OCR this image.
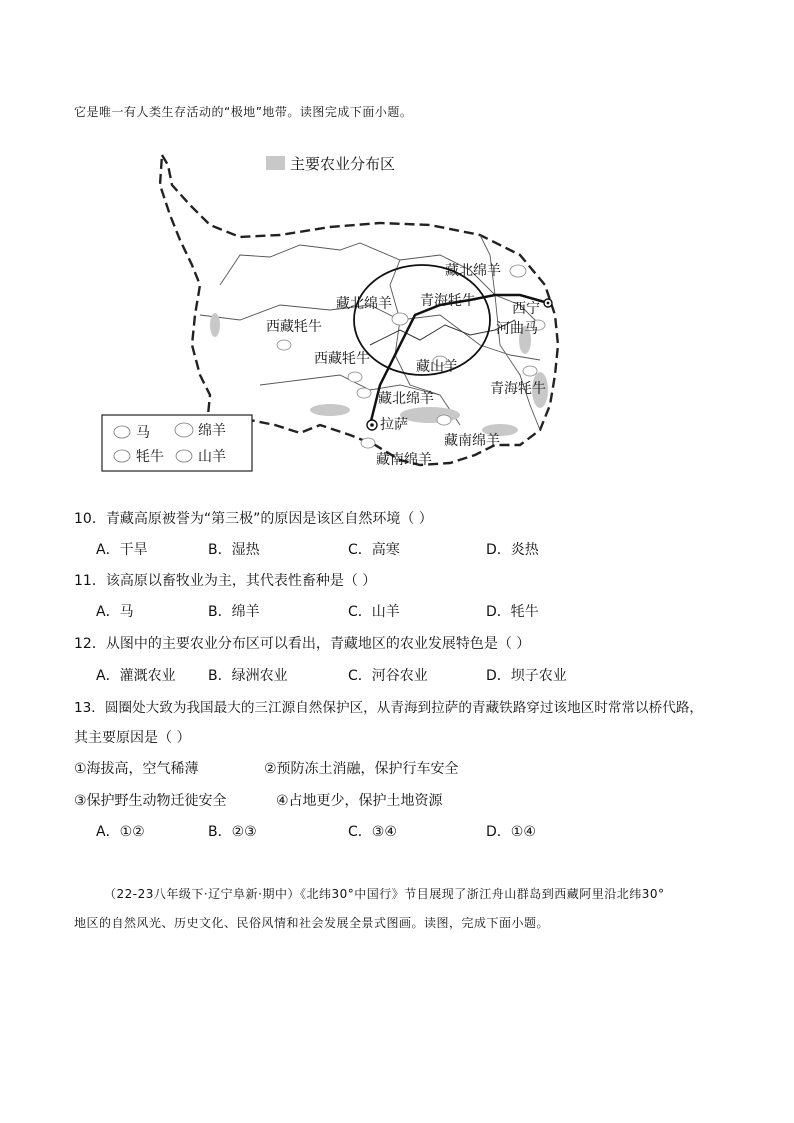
它是唯一有人类生存活动的“极地”地带。读图完成下面小题。
主要农业分布区
藏北绵羊
藏北绵羊 青海牦牛	西宁
河曲马
西藏牦牛
西藏牦牛	藏山羊
青海牦牛
藏北绵羊
拉萨
藏南绵羊
藏南绵羊
马	绵羊
牦牛 山羊
10．青藏高原被誉为“第三极”的原因是该区自然环境（ ）
A．干旱	B．湿热	C．高寒	D．炎热
11．该高原以畜牧业为主，其代表性畜种是（ ）
A．马	B．绵羊	C．山羊	D．牦牛
12．从图中的主要农业分布区可以看出，青藏地区的农业发展特色是（ ）
A．灌溉农业 B．绿洲农业	C．河谷农业	D．坝子农业
13．圆圈处大致为我国最大的三江源自然保护区，从青海到拉萨的青藏铁路穿过该地区时常常以桥代路，
其主要原因是（ ）
①海拔高，空气稀薄	②预防冻土消融，保护行车安全
③保护野生动物迁徙安全	④占地更少，保护土地资源
A．①②	B．②③	C．③④	D．①④
（22-23八年级下·辽宁阜新·期中）《北纬30°中国行》节目展现了浙江舟山群岛到西藏阿里沿北纬30°
地区的自然风光、历史文化、民俗风情和社会发展全景式图画。读图，完成下面小题。
